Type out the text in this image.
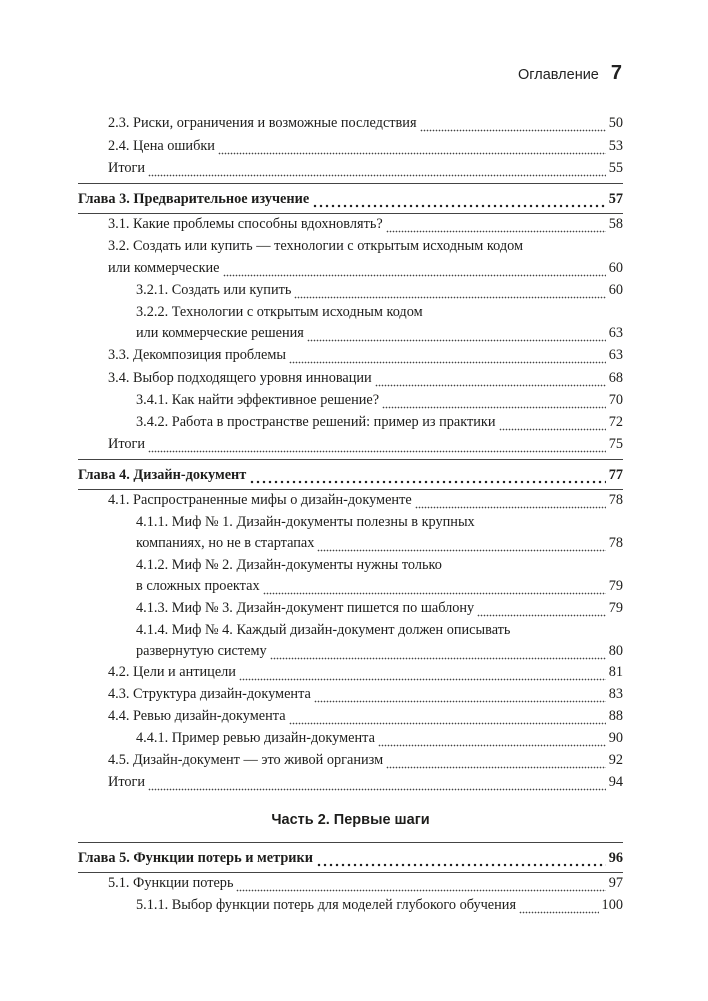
Оглавление 7
2.3. Риски, ограничения и возможные последствия	50
2.4. Цена ошибки	53
Итоги	55
Глава 3. Предварительное изучение	57
3.1. Какие проблемы способны вдохновлять?	58
3.2. Создать или купить — технологии с открытым исходным кодом
или коммерческие	60
3.2.1. Создать или купить	60
3.2.2. Технологии с открытым исходным кодом
или коммерческие решения	63
3.3. Декомпозиция проблемы	63
3.4. Выбор подходящего уровня инновации	68
3.4.1. Как найти эффективное решение?	70
3.4.2. Работа в пространстве решений: пример из практики	72
Итоги	75
Глава 4. Дизайн-документ	77
4.1. Распространенные мифы о дизайн-документе	78
4.1.1. Миф № 1. Дизайн-документы полезны в крупных
компаниях, но не в стартапах	78
4.1.2. Миф № 2. Дизайн-документы нужны только
в сложных проектах	79
4.1.3. Миф № 3. Дизайн-документ пишется по шаблону	79
4.1.4. Миф № 4. Каждый дизайн-документ должен описывать
развернутую систему	80
4.2. Цели и антицели	81
4.3. Структура дизайн-документа	83
4.4. Ревью дизайн-документа	88
4.4.1. Пример ревью дизайн-документа	90
4.5. Дизайн-документ — это живой организм	92
Итоги	94
Часть 2. Первые шаги
Глава 5. Функции потерь и метрики	96
5.1. Функции потерь	97
5.1.1. Выбор функции потерь для моделей глубокого обучения	100
